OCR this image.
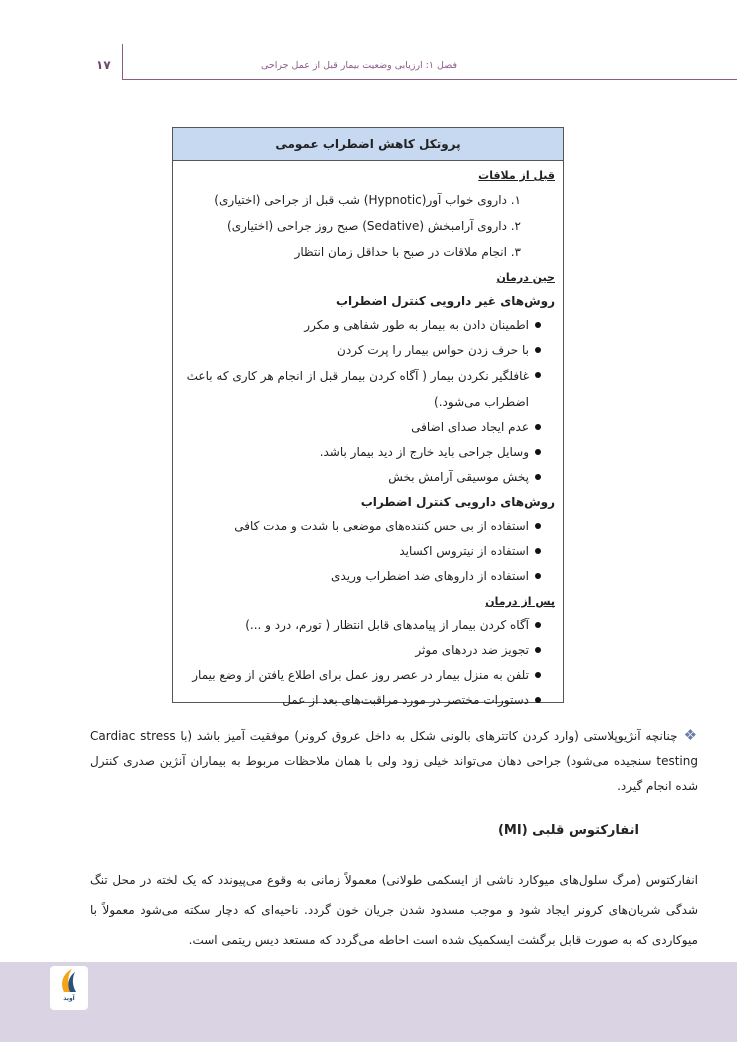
فصل ۱: ارزیابی وضعیت بیمار قبل از عمل جراحی
۱۷
پروتکل کاهش اضطراب عمومی
قبل از ملاقات
۱. داروی خواب آور(Hypnotic) شب قبل از جراحی (اختیاری)
۲. داروی آرامبخش (Sedative) صبح روز جراحی (اختیاری)
۳. انجام ملاقات در صبح با حداقل زمان انتظار
حین درمان
روش‌های غیر دارویی کنترل اضطراب
اطمینان دادن به بیمار به طور شفاهی و مکرر
با حرف زدن حواس بیمار را پرت کردن
غافلگیر نکردن بیمار ( آگاه کردن بیمار قبل از انجام هر کاری که باعث اضطراب می‌شود.)
عدم ایجاد صدای اضافی
وسایل جراحی باید خارج از دید بیمار باشد.
پخش موسیقی آرامش بخش
روش‌های دارویی کنترل اضطراب
استفاده از بی حس کننده‌های موضعی با شدت و مدت کافی
استفاده از نیتروس اکساید
استفاده از داروهای ضد اضطراب وریدی
پس از درمان
آگاه کردن بیمار از پیامدهای قابل انتظار ( تورم، درد و ...)
تجویز ضد دردهای موثر
تلفن به منزل بیمار در عصر روز عمل برای اطلاع یافتن از وضع بیمار
دستورات مختصر در مورد مراقبت‌های بعد از عمل
❖چنانچه آنژیوپلاستی (وارد کردن کاتترهای بالونی شکل به داخل عروق کرونر) موفقیت آمیز باشد (با Cardiac stress testing سنجیده می‌شود) جراحی دهان می‌تواند خیلی زود ولی با همان ملاحظات مربوط به بیماران آنژین صدری کنترل شده انجام گیرد.
انفارکتوس قلبی (MI)
انفارکتوس (مرگ سلول‌های میوکارد ناشی از ایسکمی طولانی) معمولاً زمانی به وقوع می‌پیوندد که یک لخته در محل تنگ شدگی شریان‌های کرونر ایجاد شود و موجب مسدود شدن جریان خون گردد. ناحیه‌ای که دچار سکته می‌شود معمولاً با میوکاردی که به صورت قابل برگشت ایسکمیک شده است احاطه می‌گردد که مستعد دیس ریتمی است.
آوید
